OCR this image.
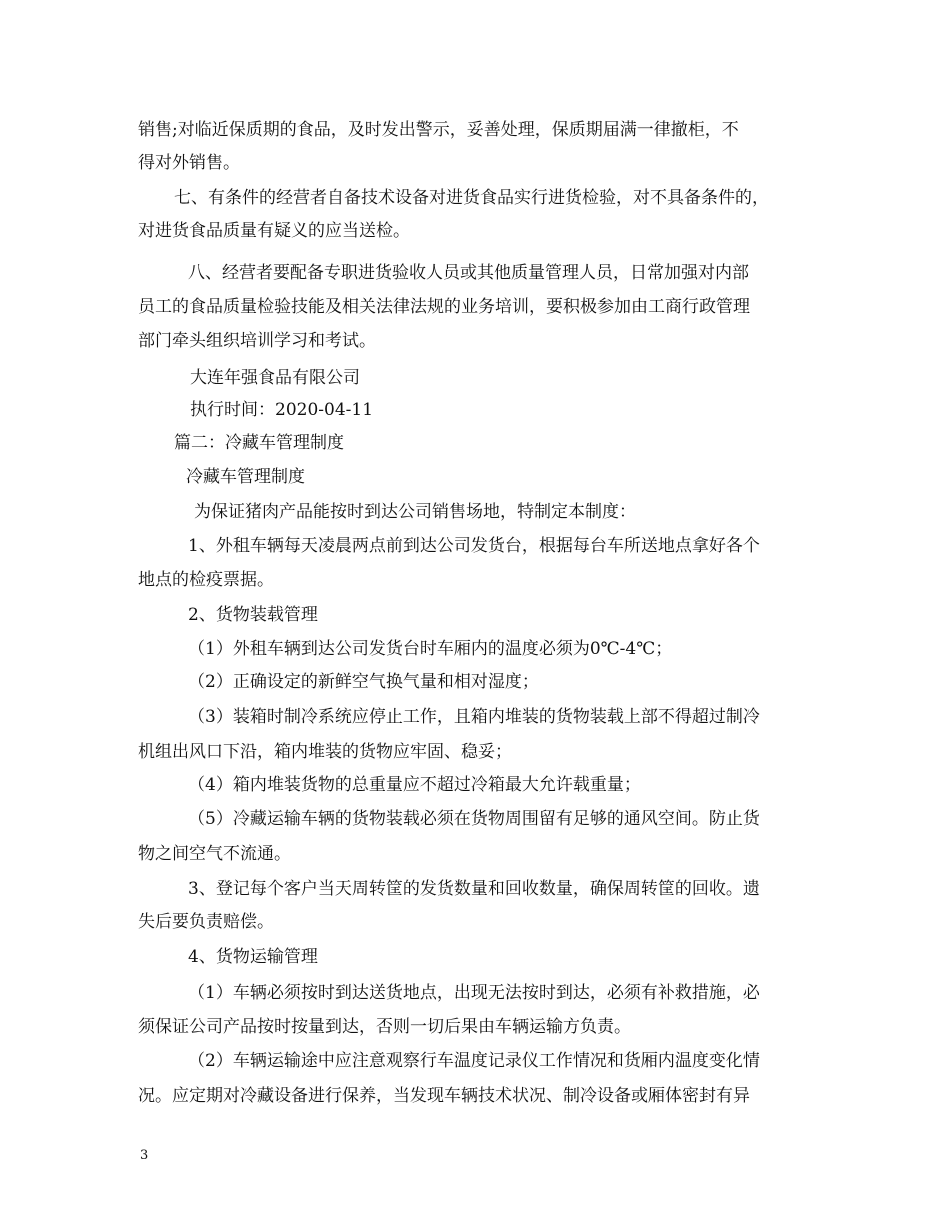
销售;对临近保质期的食品，及时发出警示，妥善处理，保质期届满一律撤柜，不
得对外销售。
七、有条件的经营者自备技术设备对进货食品实行进货检验，对不具备条件的，
对进货食品质量有疑义的应当送检。
八、经营者要配备专职进货验收人员或其他质量管理人员，日常加强对内部
员工的食品质量检验技能及相关法律法规的业务培训，要积极参加由工商行政管理
部门牵头组织培训学习和考试。
大连年强食品有限公司
执行时间：2020-04-11
篇二：冷藏车管理制度
冷藏车管理制度
为保证猪肉产品能按时到达公司销售场地，特制定本制度：
1、外租车辆每天凌晨两点前到达公司发货台，根据每台车所送地点拿好各个
地点的检疫票据。
2、货物装载管理
（1）外租车辆到达公司发货台时车厢内的温度必须为0℃-4℃；
（2）正确设定的新鲜空气换气量和相对湿度；
（3）装箱时制冷系统应停止工作，且箱内堆装的货物装载上部不得超过制冷
机组出风口下沿，箱内堆装的货物应牢固、稳妥；
（4）箱内堆装货物的总重量应不超过冷箱最大允许载重量；
（5）冷藏运输车辆的货物装载必须在货物周围留有足够的通风空间。防止货
物之间空气不流通。
3、登记每个客户当天周转筐的发货数量和回收数量，确保周转筐的回收。遗
失后要负责赔偿。
4、货物运输管理
（1）车辆必须按时到达送货地点，出现无法按时到达，必须有补救措施，必
须保证公司产品按时按量到达，否则一切后果由车辆运输方负责。
（2）车辆运输途中应注意观察行车温度记录仪工作情况和货厢内温度变化情
况。应定期对冷藏设备进行保养，当发现车辆技术状况、制冷设备或厢体密封有异
3
